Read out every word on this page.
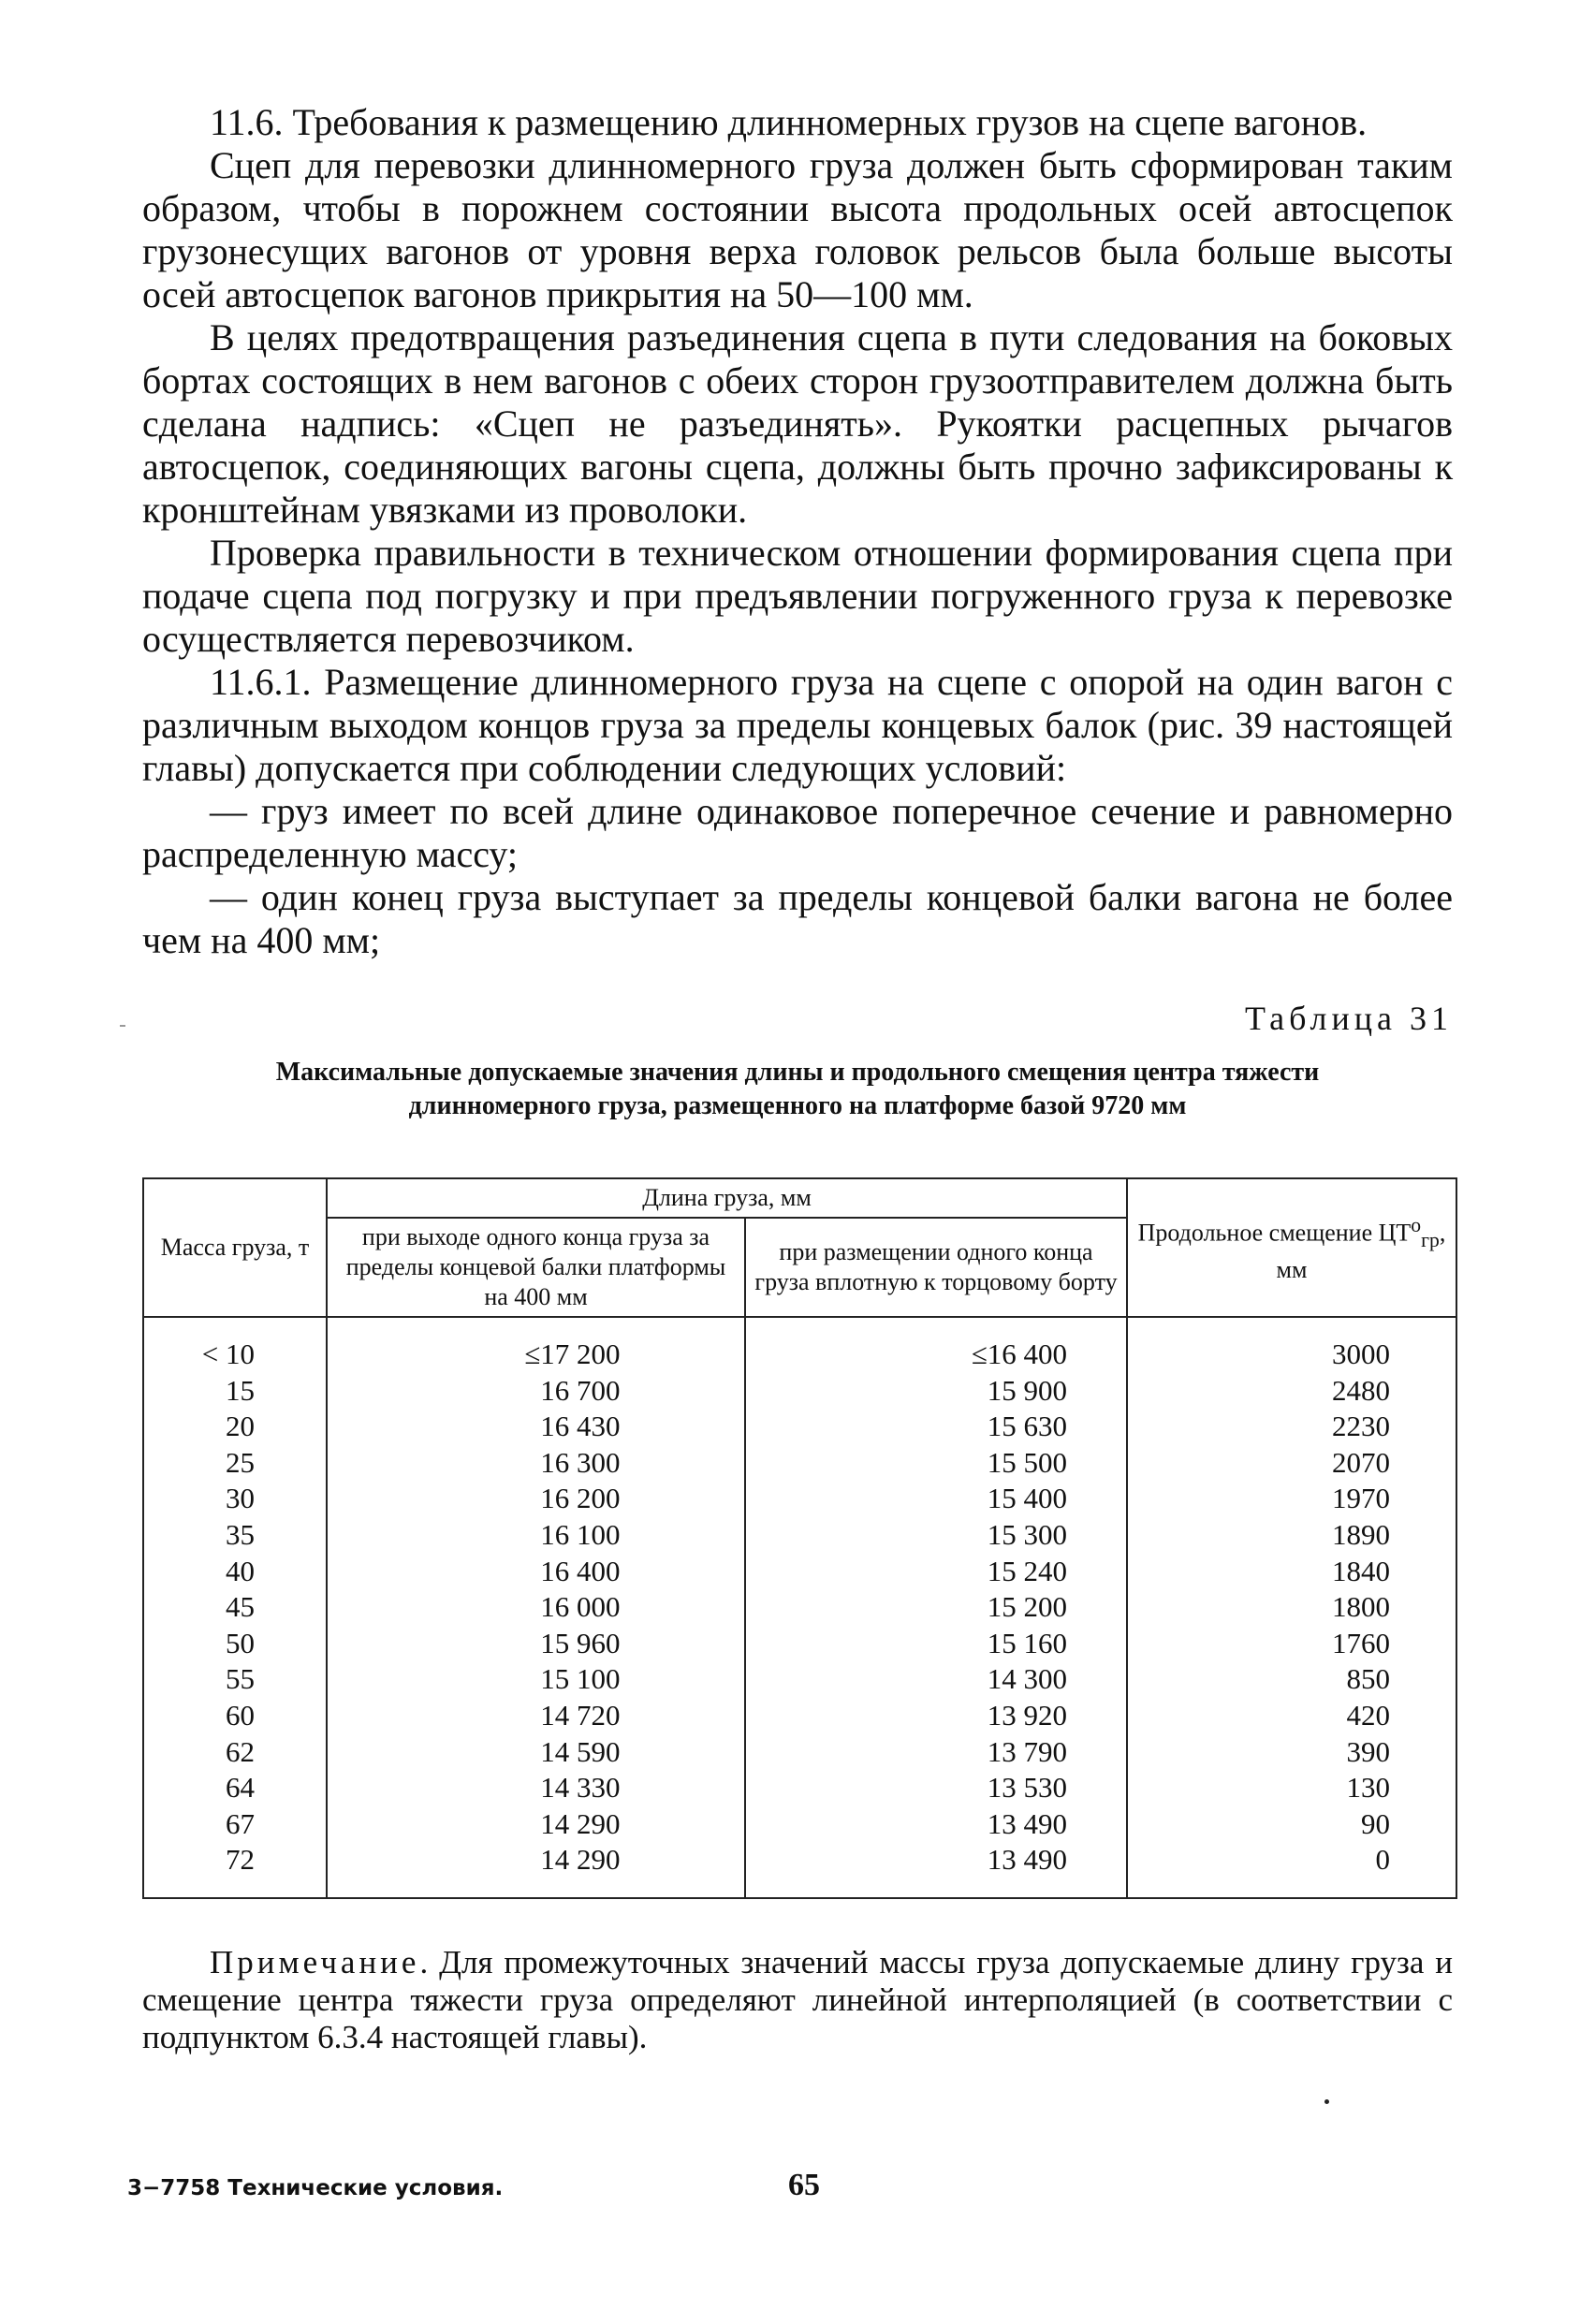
11.6. Требования к размещению длинномерных грузов на сцепе вагонов.

Сцеп для перевозки длинномерного груза должен быть сформирован таким образом, чтобы в порожнем состоянии высота продольных осей автосцепок грузонесущих вагонов от уровня верха головок рельсов была больше высоты осей автосцепок вагонов прикрытия на 50—100 мм.

В целях предотвращения разъединения сцепа в пути следования на боковых бортах состоящих в нем вагонов с обеих сторон грузоотправителем должна быть сделана надпись: «Сцеп не разъединять». Рукоятки расцепных рычагов автосцепок, соединяющих вагоны сцепа, должны быть прочно зафиксированы к кронштейнам увязками из проволоки.

Проверка правильности в техническом отношении формирования сцепа при подаче сцепа под погрузку и при предъявлении погруженного груза к перевозке осуществляется перевозчиком.

11.6.1. Размещение длинномерного груза на сцепе с опорой на один вагон с различным выходом концов груза за пределы концевых балок (рис. 39 настоящей главы) допускается при соблюдении следующих условий:

— груз имеет по всей длине одинаковое поперечное сечение и равномерно распределенную массу;

— один конец груза выступает за пределы концевой балки вагона не более чем на 400 мм;

Таблица 31
Максимальные допускаемые значения длины и продольного смещения центра тяжести
длинномерного груза, размещенного на платформе базой 9720 мм
Масса груза, т	Длина груза, мм		Продольное смещение $ЦТ^о_{гр}$, мм
	при выходе одного конца груза за пределы концевой балки платформы на 400 мм	при размещении одного конца груза вплотную к торцовому борту	
< 10	≤17 200	≤16 400	3000
15	16 700	15 900	2480
20	16 430	15 630	2230
25	16 300	15 500	2070
30	16 200	15 400	1970
35	16 100	15 300	1890
40	16 400	15 240	1840
45	16 000	15 200	1800
50	15 960	15 160	1760
55	15 100	14 300	850
60	14 720	13 920	420
62	14 590	13 790	390
64	14 330	13 530	130
67	14 290	13 490	90
72	14 290	13 490	0

Примечание. Для промежуточных значений массы груза допускаемые длину груза и смещение центра тяжести груза определяют линейной интерполяцией (в соответствии с подпунктом 6.3.4 настоящей главы).

3−7758 Технические условия.	65
